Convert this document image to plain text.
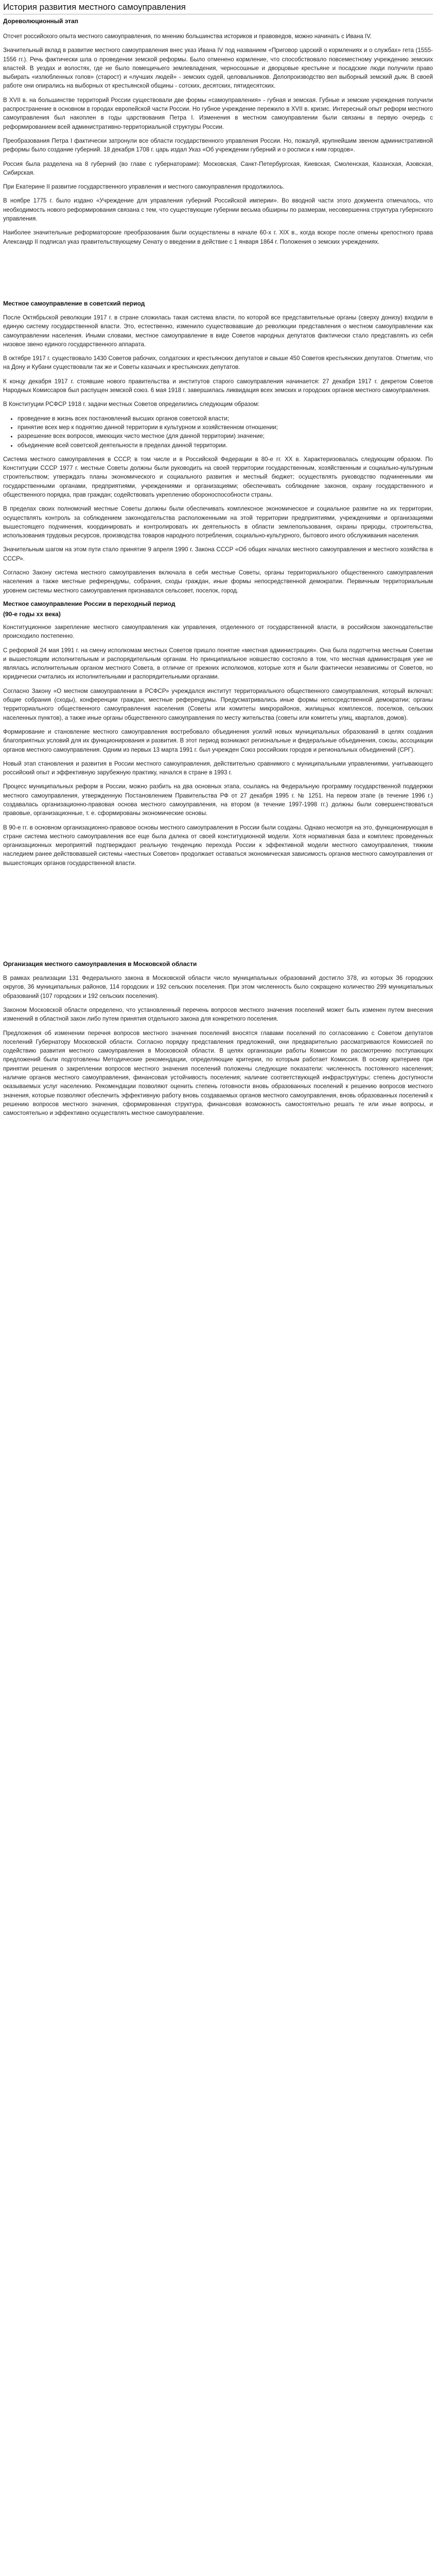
История развития местного самоуправления
Дореволюционный этап

Отсчет российского опыта местного самоуправления, по мнению большинства историков и правоведов, можно начинать с Ивана IV.

Значительный вклад в развитие местного самоуправления внес указ Ивана IV под названием «Приговор царский о кормлениях и о службах» гета (1555-1556 гг.). Речь фактически шла о проведении земской реформы. Было отменено кормление, что способствовало повсеместному учреждению земских властей. В уездах и волостях, где не было помещичьего землевладения, черносошные и дворцовые крестьяне и посадские люди получили право выбирать «излюбленных голов» (старост) и «лучших людей» - земских судей, целовальников. Делопроизводство вел выборный земский дьяк. В своей работе они опирались на выборных от крестьянской общины - сотских, десятских, пятидесятских.

В XVII в. на большинстве территорий России существовали две формы «самоуправления» - губная и земская. Губные и земские учреждения получили распространение в основном в городах европейской части России. Но губное учреждение пережило в XVII в. кризис. Интересный опыт реформ местного самоуправления был накоплен в годы царствования Петра I. Изменения в местном самоуправлении были связаны в первую очередь с реформированием всей административно-территориальной структуры России.

Преобразования Петра I фактически затронули все области государственного управления России. Но, пожалуй, крупнейшим звеном административной реформы было создание губерний. 18 декабря 1708 г. царь издал Указ «Об учреждении губерний и о росписи к ним городов».

Россия была разделена на 8 губерний (во главе с губернаторами): Московская, Санкт-Петербургская, Киевская, Смоленская, Казанская, Азовская, Сибирская.

При Екатерине II развитие государственного управления и местного самоуправления продолжилось.

В ноябре 1775 г. было издано «Учреждение для управления губерний Российской империи». Во вводной части этого документа отмечалось, что необходимость нового реформирования связана с тем, что существующие губернии весьма обширны по размерам, несовершенна структура губернского управления.

Наиболее значительные реформаторские преобразования были осуществлены в начале 60-х г. XIX в., когда вскоре после отмены крепостного права Александр II подписал указ правительствующему Сенату о введении в действие с 1 января 1864 г. Положения о земских учреждениях.

Местное самоуправление в советский период

После Октябрьской революции 1917 г. в стране сложилась такая система власти, по которой все представительные органы (сверху донизу) входили в единую систему государственной власти. Это, естественно, изменило существовавшие до революции представления о местном самоуправлении как самоуправлении населения. Иными словами, местное самоуправление в виде Советов народных депутатов фактически стало представлять из себя низовое звено единого государственного аппарата.

В октябре 1917 г. существовало 1430 Советов рабочих, солдатских и крестьянских депутатов и свыше 450 Советов крестьянских депутатов. Отметим, что на Дону и Кубани существовали так же и Советы казачьих и крестьянских депутатов.

К концу декабря 1917 г. стоявшие нового правительства и институтов старого самоуправления начинается: 27 декабря 1917 г. декретом Советов Народных Комиссаров был распущен земской союз. 6 мая 1918 г. завершилась ликвидация всех земских и городских органов местного самоуправления.

В Конституции РСФСР 1918 г. задачи местных Советов определились следующим образом:

• проведение в жизнь всех постановлений высших органов советской власти;
• принятие всех мер к поднятию данной территории в культурном и хозяйственном отношении;
• разрешение всех вопросов, имеющих чисто местное (для данной территории) значение;
• объединение всей советской деятельности в пределах данной территории.

Система местного самоуправления в СССР, в том числе и в Российской Федерации в 80-е гг. XX в. Характеризовалась следующим образом. По Конституции СССР 1977 г. местные Советы должны были руководить на своей территории государственным, хозяйственным и социально-культурным строительством; утверждать планы экономического и социального развития и местный бюджет; осуществлять руководство подчиненными им государственными органами, предприятиями, учреждениями и организациями; обеспечивать соблюдение законов, охрану государственного и общественного порядка, прав граждан; содействовать укреплению обороноспособности страны.

В пределах своих полномочий местные Советы должны были обеспечивать комплексное экономическое и социальное развитие на их территории, осуществлять контроль за соблюдением законодательства расположенными на этой территории предприятиями, учреждениями и организациями вышестоящего подчинения, координировать и контролировать их деятельность в области землепользования, охраны природы, строительства, использования трудовых ресурсов, производства товаров народного потребления, социально-культурного, бытового иного обслуживания населения.

Значительным шагом на этом пути стало принятие 9 апреля 1990 г. Закона СССР «Об общих началах местного самоуправления и местного хозяйства в СССР».

Согласно Закону система местного самоуправления включала в себя местные Советы, органы территориального общественного самоуправления населения а также местные референдумы, собрания, сходы граждан, иные формы непосредственной демократии. Первичным территориальным уровнем системы местного самоуправления признавался сельсовет, поселок, город.

Местное самоуправление России в переходный период
(90-е годы хх века)

Конституционное закрепление местного самоуправления как управления, отделенного от государственной власти, в российском законодательстве происходило постепенно.

С реформой 24 мая 1991 г. на смену исполкомам местных Советов пришло понятие «местная администрация». Она была подотчетна местным Советам и вышестоящим исполнительным и распорядительным органам. Но принципиальное новшество состояло в том, что местная администрация уже не являлась исполнительным органом местного Совета, в отличие от прежних исполкомов, которые хотя и были фактически независимы от Советов, но юридически считались их исполнительными и распорядительными органами.

Согласно Закону «О местном самоуправлении в РСФСР» учреждался институт территориального общественного самоуправления, который включал: общие собрания (сходы), конференции граждан, местные референдумы. Предусматривались иные формы непосредственной демократии; органы территориального общественного самоуправления населения (Советы или комитеты микрорайонов, жилищных комплексов, поселков, сельских населенных пунктов), а также иные органы общественного самоуправления по месту жительства (советы или комитеты улиц, кварталов, домов).

Формирование и становление местного самоуправления востребовало объединения усилий новых муниципальных образований в целях создания благоприятных условий для их функционирования и развития. В этот период возникают региональные и федеральные объединения, союзы, ассоциации органов местного самоуправления. Одним из первых 13 марта 1991 г. был учрежден Союз российских городов и региональных объединений (СРГ).

Новый этап становления и развития в России местного самоуправления, действительно сравнимого с муниципальными управлениями, учитывающего российский опыт и эффективную зарубежную практику, начался в стране в 1993 г.

Процесс муниципальных реформ в России, можно разбить на два основных этапа, ссылаясь на Федеральную программу государственной поддержки местного самоуправления, утвержденную Постановлением Правительства РФ от 27 декабря 1995 г. № 1251. На первом этапе (в течение 1996 г.) создавалась организационно-правовая основа местного самоуправления, на втором (в течение 1997-1998 гг.) должны были совершенствоваться правовые, организационные, т. е. сформированы экономические основы.

В 90-е гг. в основном организационно-правовое основы местного самоуправления в России были созданы. Однако несмотря на это, функционирующая в стране система местного самоуправления все еще была далека от своей конституционной модели. Хотя нормативная база и комплекс проведенных организационных мероприятий подтверждают реальную тенденцию перехода России к эффективной модели местного самоуправления, тяжким наследием ранее действовавшей системы «местных Советов» продолжает оставаться экономическая зависимость органов местного самоуправления от вышестоящих органов государственной власти.

Организация местного самоуправления в Московской области

В рамках реализации 131 Федерального закона в Московской области число муниципальных образований достигло 378, из которых 36 городских округов, 36 муниципальных районов, 114 городских и 192 сельских поселения. При этом численность было сокращено количество 299 муниципальных образований (107 городских и 192 сельских поселения).

Законом Московской области определено, что установленный перечень вопросов местного значения поселений может быть изменен путем внесения изменений в областной закон либо путем принятия отдельного закона для конкретного поселения.

Предложения об изменении перечня вопросов местного значения поселений вносятся главами поселений по согласованию с Советом депутатов поселений Губернатору Московской области. Согласно порядку представления предложений, они предварительно рассматриваются Комиссией по содействию развития местного самоуправления в Московской области. В целях организации работы Комиссии по рассмотрению поступающих предложений были подготовлены Методические рекомендации, определяющие критерии, по которым работает Комиссия. В основу критериев при принятии решения о закреплении вопросов местного значения поселений положены следующие показатели: численность постоянного населения; наличие органов местного самоуправления, финансовая устойчивость поселения; наличие соответствующей инфраструктуры; степень доступности оказываемых услуг населению. Рекомендации позволяют оценить степень готовности вновь образованных поселений к решению вопросов местного значения, которые позволяют обеспечить эффективную работу вновь создаваемых органов местного самоуправления, вновь образованных поселений к решению вопросов местного значения, сформированная структура, финансовая возможность самостоятельно решать те или иные вопросы, и самостоятельно и эффективно осуществлять местное самоуправление.
